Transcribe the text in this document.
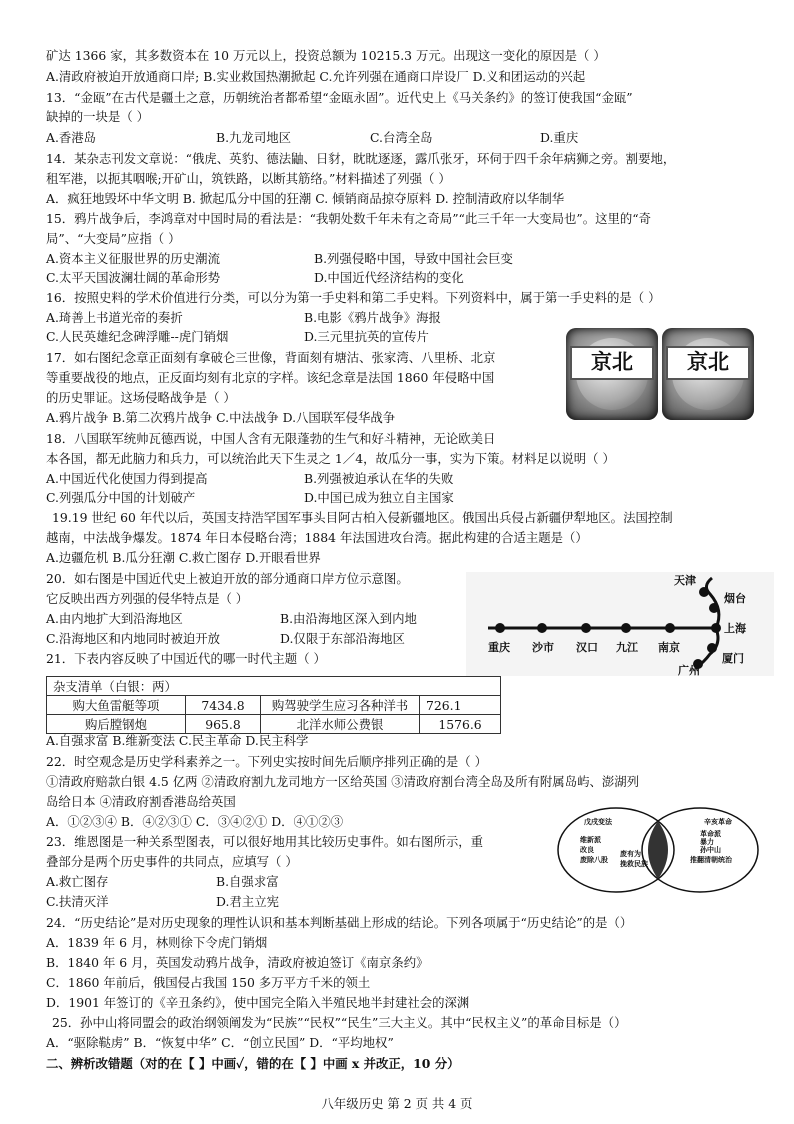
矿达 1366 家，其多数资本在 10 万元以上，投资总额为 10215.3 万元。出现这一变化的原因是（ ）
A.清政府被迫开放通商口岸; B.实业救国热潮掀起 C.允许列强在通商口岸设厂 D.义和团运动的兴起
13．“金瓯”在古代是疆土之意，历朝统治者都希望“金瓯永固”。近代史上《马关条约》的签订使我国“金瓯”
缺掉的一块是（ ）
A.香港岛	B.九龙司地区	C.台湾全岛	D.重庆
14．某杂志刊发文章说：“俄虎、英豹、德法鼬、日豺，眈眈逐逐，露爪张牙，环伺于四千余年病狮之旁。割要地，
租军港，以扼其咽喉;开矿山，筑铁路，以断其筋络。”材料描述了列强（ ）
A．疯狂地毁坏中华文明 B. 掀起瓜分中国的狂潮 C. 倾销商品掠夺原料 D. 控制清政府以华制华
15．鸦片战争后，李鸿章对中国时局的看法是：“我朝处数千年未有之奇局”“此三千年一大变局也”。这里的“奇
局”、“大变局”应指（ ）
A.资本主义征服世界的历史潮流	B.列强侵略中国，导致中国社会巨变
C.太平天国波澜壮阔的革命形势	D.中国近代经济结构的变化
16．按照史料的学术价值进行分类，可以分为第一手史料和第二手史料。下列资料中，属于第一手史料的是（ ）
A.琦善上书道光帝的奏折	B.电影《鸦片战争》海报
C.人民英雄纪念碑浮雕--虎门销烟	D.三元里抗英的宣传片
京北	京北
17．如右图纪念章正面刻有拿破仑三世像，背面刻有塘沽、张家湾、八里桥、北京
等重要战役的地点，正反面均刻有北京的字样。该纪念章是法国 1860 年侵略中国
的历史罪证。这场侵略战争是（ ）
A.鸦片战争 B.第二次鸦片战争 C.中法战争 D.八国联军侵华战争
18．八国联军统帅瓦德西说，中国人含有无限蓬勃的生气和好斗精神，无论欧美日
本各国，都无此脑力和兵力，可以统治此天下生灵之 1／4，故瓜分一事，实为下策。材料足以说明（ ）
A.中国近代化使国力得到提高	B.列强被迫承认在华的失败
C.列强瓜分中国的计划破产	D.中国已成为独立自主国家
19.19 世纪 60 年代以后，英国支持浩罕国军事头目阿古柏入侵新疆地区。俄国出兵侵占新疆伊犁地区。法国控制
越南，中法战争爆发。1874 年日本侵略台湾；1884 年法国进攻台湾。据此构建的合适主题是（）
A.边疆危机 B.瓜分狂潮 C.救亡图存 D.开眼看世界
20．如右图是中国近代史上被迫开放的部分通商口岸方位示意图。
它反映出西方列强的侵华特点是（ ）
A.由内地扩大到沿海地区	B.由沿海地区深入到内地
C.沿海地区和内地同时被迫开放	D.仅限于东部沿海地区
重庆 沙市 汉口 九江 南京
上海
天津
烟台
厦门
广州
21．下表内容反映了中国近代的哪一时代主题（ ）
杂支清单（白银：两）			
购大鱼雷艇等项	7434.8	购驾驶学生应习各种洋书	726.1
购后膛钢炮	965.8	北洋水师公费银	1576.6
A.自强求富 B.维新变法 C.民主革命 D.民主科学
22．时空观念是历史学科素养之一。下列史实按时间先后顺序排列正确的是（ ）
①清政府赔款白银 4.5 亿两 ②清政府割九龙司地方一区给英国 ③清政府割台湾全岛及所有附属岛屿、澎湖列
岛给日本 ④清政府割香港岛给英国
A．①②③④ B．④②③① C．③④②① D．④①②③	戊戌变法
维新派
改良
废除八股
废有为
挽救民族
辛亥革命
革命派
暴力
孙中山
推翻清朝统治
23．维恩图是一种关系型图表，可以很好地用其比较历史事件。如右图所示，重
叠部分是两个历史事件的共同点，应填写（ ）
A.救亡图存	B.自强求富
C.扶清灭洋	D.君主立宪
24．“历史结论”是对历史现象的理性认识和基本判断基础上形成的结论。下列各项属于“历史结论”的是（）
A．1839 年 6 月，林则徐下令虎门销烟
B．1840 年 6 月，英国发动鸦片战争，清政府被迫签订《南京条约》
C．1860 年前后，俄国侵占我国 150 多万平方千米的领土
D．1901 年签订的《辛丑条约》，使中国完全陷入半殖民地半封建社会的深渊
25．孙中山将同盟会的政治纲领阐发为“民族”“民权”“民生”三大主义。其中“民权主义”的革命目标是（）
A．“驱除鞑虏” B．“恢复中华” C．“创立民国” D．“平均地权”
二、辨析改错题（对的在【 】中画✓，错的在【 】中画 x 并改正，10 分）
八年级历史 第 2 页 共 4 页
